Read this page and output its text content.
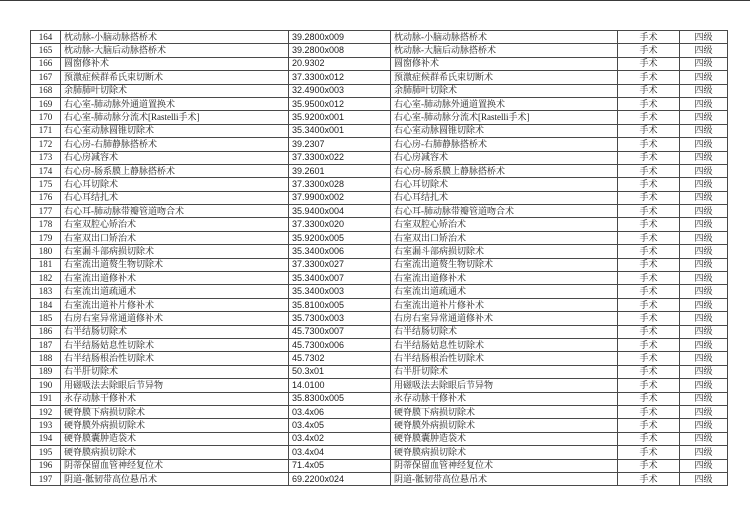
164	枕动脉-小脑动脉搭桥术	39.2800x009	枕动脉-小脑动脉搭桥术	手术	四级
165	枕动脉-大脑后动脉搭桥术	39.2800x008	枕动脉-大脑后动脉搭桥术	手术	四级
166	圆窗修补术	20.9302	圆窗修补术	手术	四级
167	预激症候群希氏束切断术	37.3300x012	预激症候群希氏束切断术	手术	四级
168	余肺肺叶切除术	32.4900x003	余肺肺叶切除术	手术	四级
169	右心室-肺动脉外通道置换术	35.9500x012	右心室-肺动脉外通道置换术	手术	四级
170	右心室-肺动脉分流术[Rastelli手术]	35.9200x001	右心室-肺动脉分流术[Rastelli手术]	手术	四级
171	右心室动脉圆锥切除术	35.3400x001	右心室动脉圆锥切除术	手术	四级
172	右心房-右肺静脉搭桥术	39.2307	右心房-右肺静脉搭桥术	手术	四级
173	右心房减容术	37.3300x022	右心房减容术	手术	四级
174	右心房-肠系膜上静脉搭桥术	39.2601	右心房-肠系膜上静脉搭桥术	手术	四级
175	右心耳切除术	37.3300x028	右心耳切除术	手术	四级
176	右心耳结扎术	37.9900x002	右心耳结扎术	手术	四级
177	右心耳-肺动脉带瓣管道吻合术	35.9400x004	右心耳-肺动脉带瓣管道吻合术	手术	四级
178	右室双腔心矫治术	37.3300x020	右室双腔心矫治术	手术	四级
179	右室双出口矫治术	35.9200x005	右室双出口矫治术	手术	四级
180	右室漏斗部病损切除术	35.3400x006	右室漏斗部病损切除术	手术	四级
181	右室流出道赘生物切除术	37.3300x027	右室流出道赘生物切除术	手术	四级
182	右室流出道修补术	35.3400x007	右室流出道修补术	手术	四级
183	右室流出道疏通术	35.3400x003	右室流出道疏通术	手术	四级
184	右室流出道补片修补术	35.8100x005	右室流出道补片修补术	手术	四级
185	右房右室异常通道修补术	35.7300x003	右房右室异常通道修补术	手术	四级
186	右半结肠切除术	45.7300x007	右半结肠切除术	手术	四级
187	右半结肠姑息性切除术	45.7300x006	右半结肠姑息性切除术	手术	四级
188	右半结肠根治性切除术	45.7302	右半结肠根治性切除术	手术	四级
189	右半肝切除术	50.3x01	右半肝切除术	手术	四级
190	用磁吸法去除眼后节异物	14.0100	用磁吸法去除眼后节异物	手术	四级
191	永存动脉干修补术	35.8300x005	永存动脉干修补术	手术	四级
192	硬脊膜下病损切除术	03.4x06	硬脊膜下病损切除术	手术	四级
193	硬脊膜外病损切除术	03.4x05	硬脊膜外病损切除术	手术	四级
194	硬脊膜囊肿造袋术	03.4x02	硬脊膜囊肿造袋术	手术	四级
195	硬脊膜病损切除术	03.4x04	硬脊膜病损切除术	手术	四级
196	阴蒂保留血管神经复位术	71.4x05	阴蒂保留血管神经复位术	手术	四级
197	阴道-骶韧带高位悬吊术	69.2200x024	阴道-骶韧带高位悬吊术	手术	四级
